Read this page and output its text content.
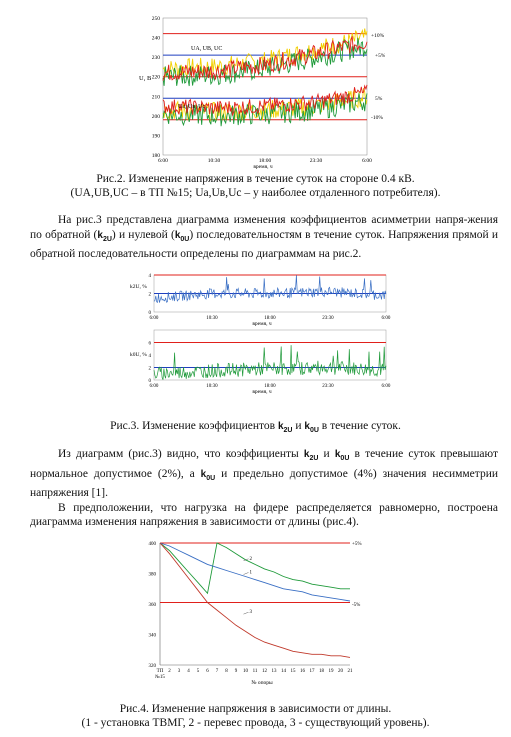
U, В
UA, UB, UC
Ua, Uв, Uc
+10%
+5%
5%
-10%
250
240
230
220
210
200
190
180
6:00	10:30	18:00	23:30	6:00
время, ч
Рис.2. Изменение напряжения в течение суток на стороне 0.4 кВ.
(UA,UB,UC – в ТП №15; Ua,Uв,Uc – у наиболее отдаленного потребителя).

На рис.3 представлена диаграмма изменения коэффициентов асимметрии напря-жения по обратной $(k_{2U})$ и нулевой $(k_{0U})$ последовательностям в течение суток. Напряжения прямой и обратной последовательности определены по диаграммам на рис.2.

4
2
0
6:00	10:30	18:00	23:30	6:00
6
4
2
0
6:00	10:30	18:00	23:30	6:00
k2U, %
k0U, %
время, ч
время, ч
Рис.3. Изменение коэффициентов $k_{2U}$ и $k_{0U}$ в течение суток.

Из диаграмм (рис.3) видно, что коэффициенты $k_{2U}$ и $k_{0U}$ в течение суток превышают нормальное допустимое (2%), а $k_{0U}$ и предельно допустимое (4%) значения несимметрии напряжения [1].

В предположении, что нагрузка на фидере распределяется равномерно, построена диаграмма изменения напряжения в зависимости от длины (рис.4).

400
380
360
340
320
ТП
№15
2 3 4 5 6 7 8 9 10 11 12 13 14 15 16 17 18 19 20 21
1
2
3
+5%
-5%
№ опоры
Рис.4. Изменение напряжения в зависимости от длины.
(1 - установка ТВМГ, 2 - перевес провода, 3 - существующий уровень).
